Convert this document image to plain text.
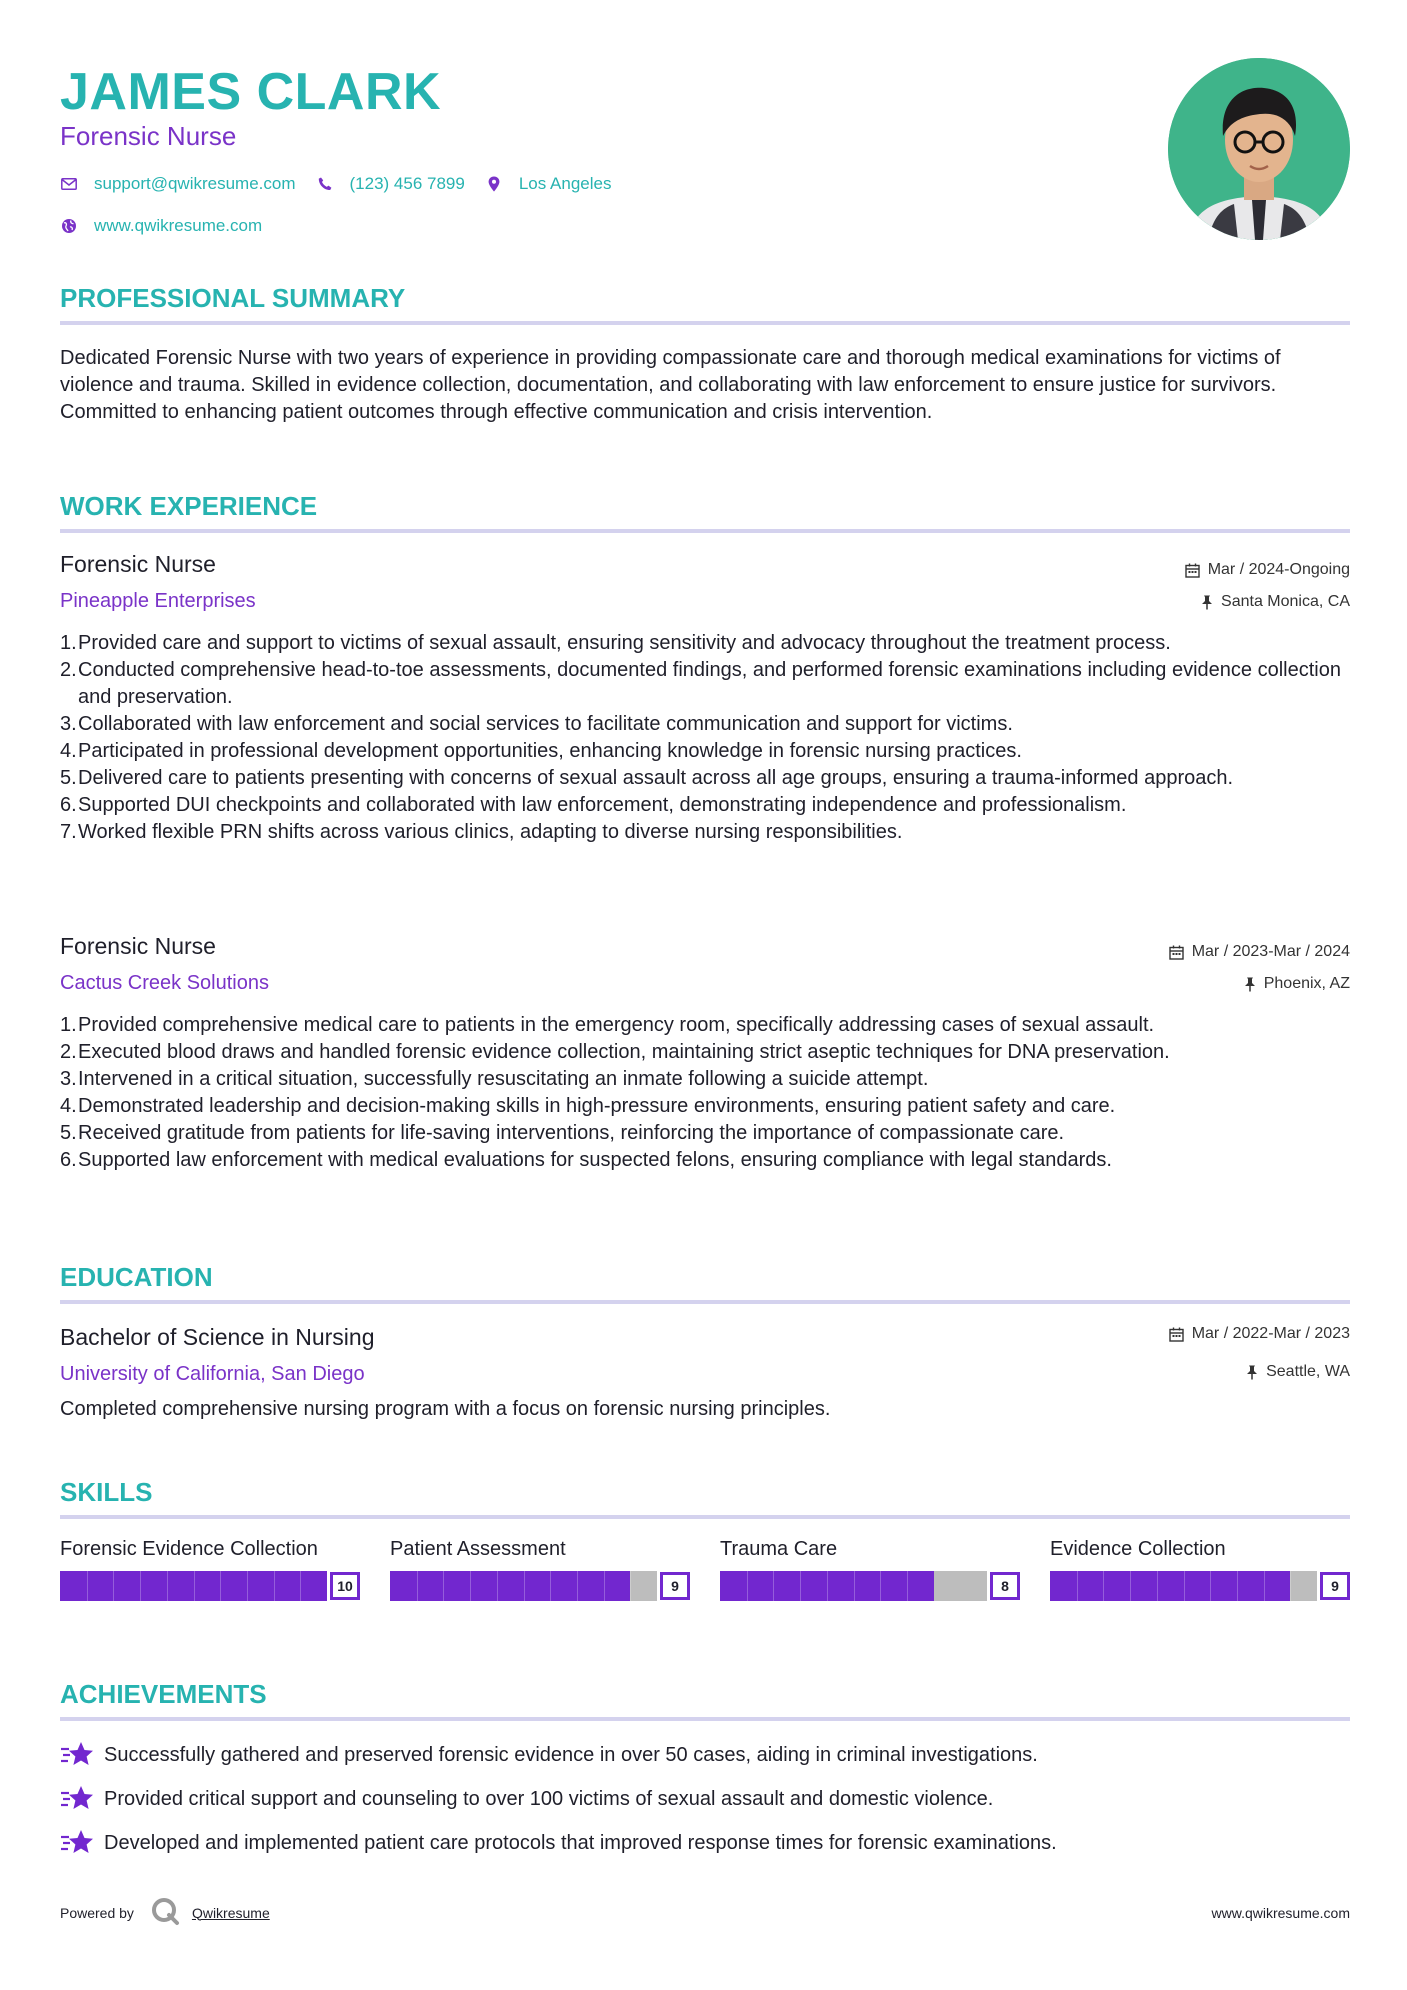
JAMES CLARK
Forensic Nurse
support@qwikresume.com	(123) 456 7899	Los Angeles
www.qwikresume.com
PROFESSIONAL SUMMARY
Dedicated Forensic Nurse with two years of experience in providing compassionate care and thorough medical examinations for victims of violence and trauma. Skilled in evidence collection, documentation, and collaborating with law enforcement to ensure justice for survivors. Committed to enhancing patient outcomes through effective communication and crisis intervention.
WORK EXPERIENCE
Forensic Nurse
Pineapple Enterprises
Mar / 2024-Ongoing
Santa Monica, CA
Provided care and support to victims of sexual assault, ensuring sensitivity and advocacy throughout the treatment process.
Conducted comprehensive head-to-toe assessments, documented findings, and performed forensic examinations including evidence collection and preservation.
Collaborated with law enforcement and social services to facilitate communication and support for victims.
Participated in professional development opportunities, enhancing knowledge in forensic nursing practices.
Delivered care to patients presenting with concerns of sexual assault across all age groups, ensuring a trauma-informed approach.
Supported DUI checkpoints and collaborated with law enforcement, demonstrating independence and professionalism.
Worked flexible PRN shifts across various clinics, adapting to diverse nursing responsibilities.
Forensic Nurse
Cactus Creek Solutions
Mar / 2023-Mar / 2024
Phoenix, AZ
Provided comprehensive medical care to patients in the emergency room, specifically addressing cases of sexual assault.
Executed blood draws and handled forensic evidence collection, maintaining strict aseptic techniques for DNA preservation.
Intervened in a critical situation, successfully resuscitating an inmate following a suicide attempt.
Demonstrated leadership and decision-making skills in high-pressure environments, ensuring patient safety and care.
Received gratitude from patients for life-saving interventions, reinforcing the importance of compassionate care.
Supported law enforcement with medical evaluations for suspected felons, ensuring compliance with legal standards.
EDUCATION
Bachelor of Science in Nursing
University of California, San Diego
Mar / 2022-Mar / 2023
Seattle, WA
Completed comprehensive nursing program with a focus on forensic nursing principles.
SKILLS
Forensic Evidence Collection
10
Patient Assessment
9
Trauma Care
8
Evidence Collection
9
ACHIEVEMENTS
Successfully gathered and preserved forensic evidence in over 50 cases, aiding in criminal investigations.
Provided critical support and counseling to over 100 victims of sexual assault and domestic violence.
Developed and implemented patient care protocols that improved response times for forensic examinations.
Powered by	Qwikresume	www.qwikresume.com
